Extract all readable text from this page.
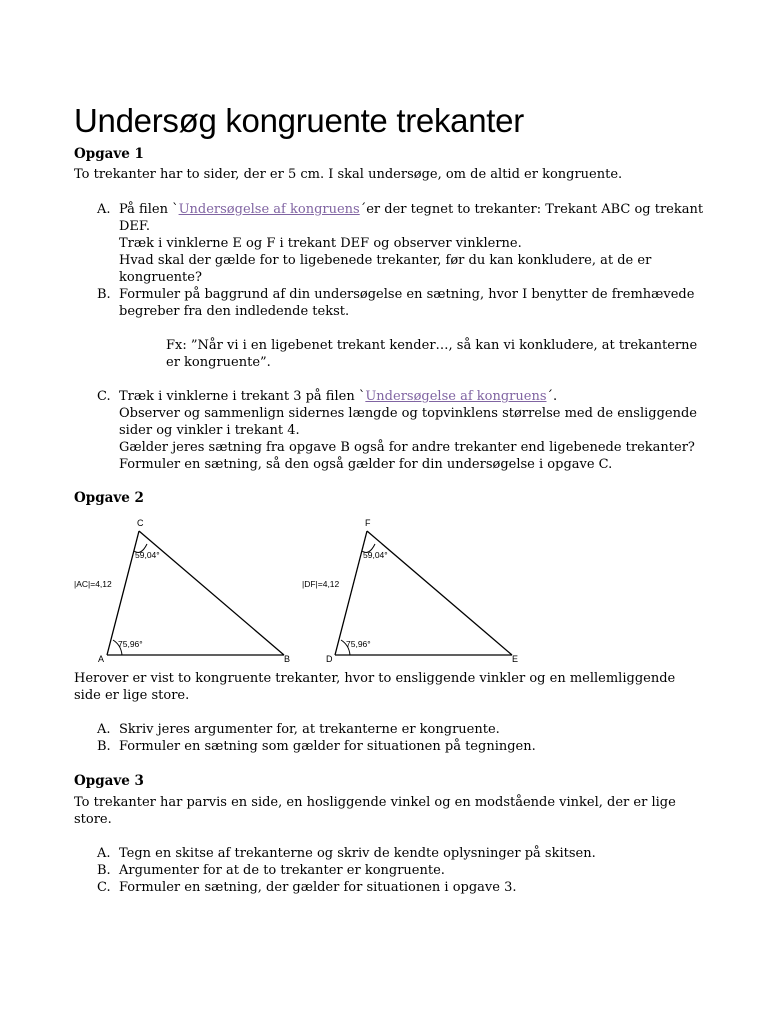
Undersøg kongruente trekanter
Opgave 1

To trekanter har to sider, der er 5 cm. I skal undersøge, om de altid er kongruente.

A. På filen `Undersøgelse af kongruens´er der tegnet to trekanter: Trekant ABC og trekant
DEF.
Træk i vinklerne E og F i trekant DEF og observer vinklerne.
Hvad skal der gælde for to ligebenede trekanter, før du kan konkludere, at de er
kongruente?
B. Formuler på baggrund af din undersøgelse en sætning, hvor I benytter de fremhævede
begreber fra den indledende tekst.
Fx: ”Når vi i en ligebenet trekant kender…, så kan vi konkludere, at trekanterne
er kongruente”.
C. Træk i vinklerne i trekant 3 på filen `Undersøgelse af kongruens´.
Observer og sammenlign sidernes længde og topvinklens størrelse med de ensliggende
sider og vinkler i trekant 4.
Gælder jeres sætning fra opgave B også for andre trekanter end ligebenede trekanter?
Formuler en sætning, så den også gælder for din undersøgelse i opgave C.
Opgave 2
C
A	B
59,04°
75,96°
|AC|=4,12
F
D	E
59,04°
75,96°
|DF|=4,12

Herover er vist to kongruente trekanter, hvor to ensliggende vinkler og en mellemliggende
side er lige store.

A. Skriv jeres argumenter for, at trekanterne er kongruente.
B. Formuler en sætning som gælder for situationen på tegningen.
Opgave 3

To trekanter har parvis en side, en hosliggende vinkel og en modstående vinkel, der er lige
store.

A. Tegn en skitse af trekanterne og skriv de kendte oplysninger på skitsen.
B. Argumenter for at de to trekanter er kongruente.
C. Formuler en sætning, der gælder for situationen i opgave 3.
